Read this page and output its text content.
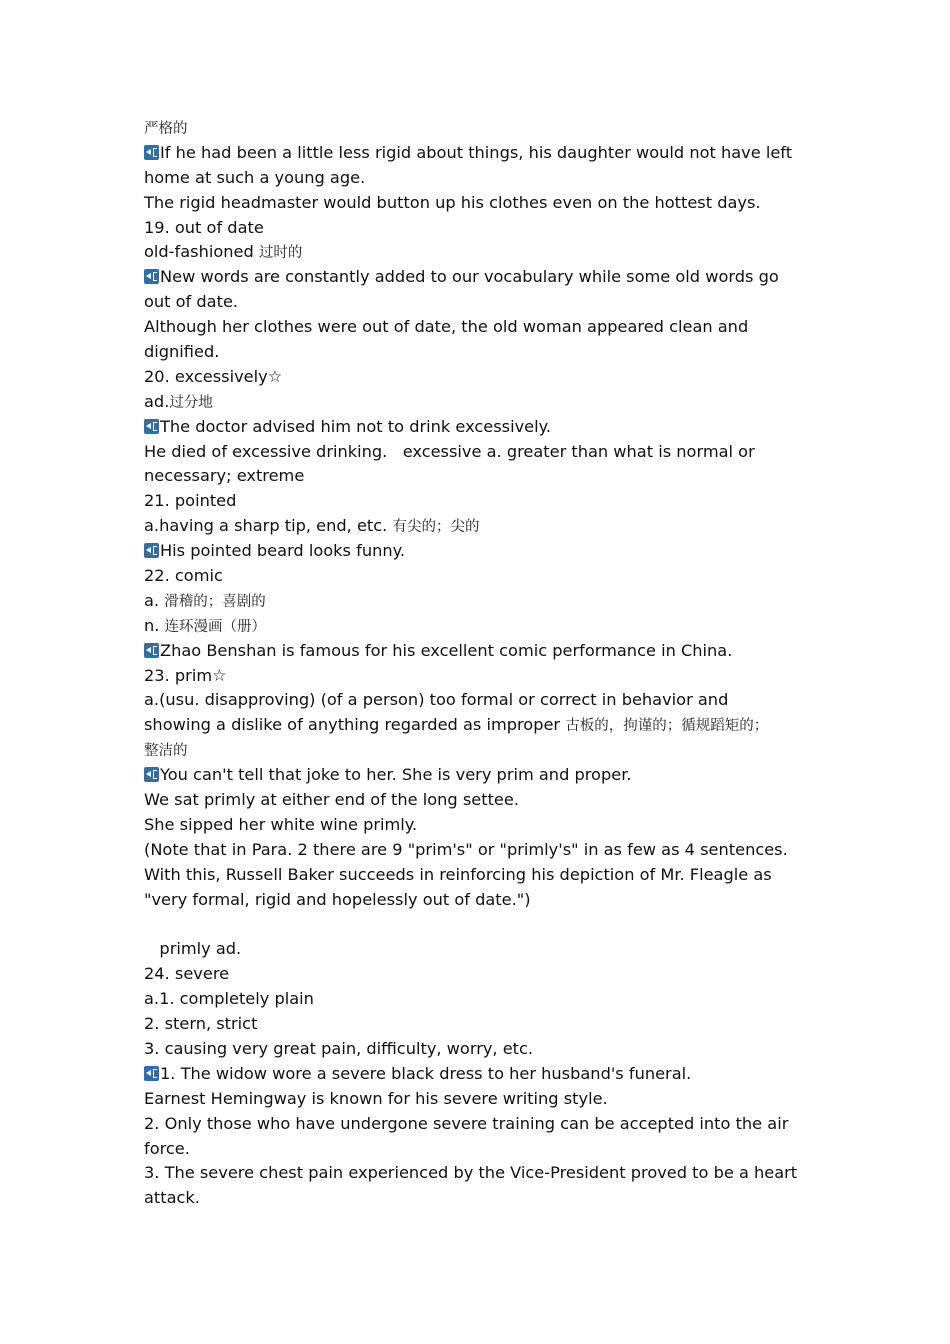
严格的
If he had been a little less rigid about things, his daughter would not have left
home at such a young age.
The rigid headmaster would button up his clothes even on the hottest days.
19. out of date
old-fashioned 过时的
New words are constantly added to our vocabulary while some old words go
out of date.
Although her clothes were out of date, the old woman appeared clean and
dignified.
20. excessively☆
ad.过分地
The doctor advised him not to drink excessively.
He died of excessive drinking.   excessive a. greater than what is normal or
necessary; extreme
21. pointed
a.having a sharp tip, end, etc. 有尖的；尖的
His pointed beard looks funny.
22. comic
a. 滑稽的；喜剧的
n. 连环漫画（册）
Zhao Benshan is famous for his excellent comic performance in China.
23. prim☆
a.(usu. disapproving) (of a person) too formal or correct in behavior and
showing a dislike of anything regarded as improper 古板的，拘谨的；循规蹈矩的；
整洁的
You can't tell that joke to her. She is very prim and proper.
We sat primly at either end of the long settee.
She sipped her white wine primly.
(Note that in Para. 2 there are 9 "prim's" or "primly's" in as few as 4 sentences.
With this, Russell Baker succeeds in reinforcing his depiction of Mr. Fleagle as
"very formal, rigid and hopelessly out of date.")
primly ad.
24. severe
a.1. completely plain
2. stern, strict
3. causing very great pain, difficulty, worry, etc.
1. The widow wore a severe black dress to her husband's funeral.
Earnest Hemingway is known for his severe writing style.
2. Only those who have undergone severe training can be accepted into the air
force.
3. The severe chest pain experienced by the Vice-President proved to be a heart
attack.
